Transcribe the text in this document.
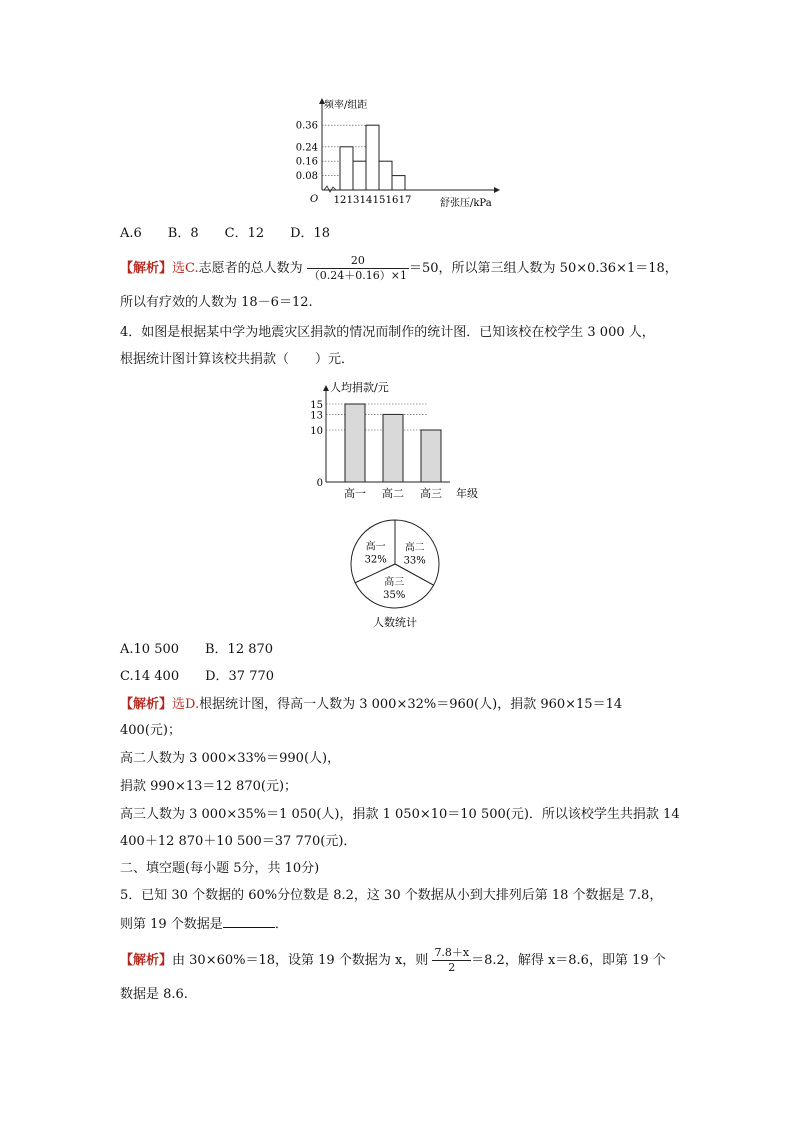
频率/组距
舒张压/kPa
O
0.36
0.24
0.16
0.08
12 13 14 15 16 17
A.6　　B．8　　C．12　　D．18
【解析】选C.志愿者的总人数为 $\frac{20}{(0.24+0.16)\times 1} =50$，所以第三组人数为 50×0.36×1＝18，
所以有疗效的人数为 18－6＝12.
4．如图是根据某中学为地震灾区捐款的情况而制作的统计图．已知该校在校学生 3 000 人，
根据统计图计算该校共捐款（　　）元．
人均捐款/元
15
13
10
0
高一 高二 高三 年级
高二
33%
高三
35%
高一
32%
人数统计
A.10 500　　B．12 870
C.14 400　　D．37 770
【解析】选D.根据统计图，得高一人数为 3 000×32%＝960(人)，捐款 960×15＝14
400(元)；
高二人数为 3 000×33%＝990(人)，
捐款 990×13＝12 870(元)；
高三人数为 3 000×35%＝1 050(人)，捐款 1 050×10＝10 500(元)．所以该校学生共捐款 14
400＋12 870＋10 500＝37 770(元)．
二、填空题(每小题 5分，共 10分)
5．已知 30 个数据的 60%分位数是 8.2，这 30 个数据从小到大排列后第 18 个数据是 7.8，
则第 19 个数据是	．
【解析】由 30×60%＝18，设第 19 个数据为 x，则 $\frac{7.8+x}{2} =8.2$，解得 x＝8.6，即第 19 个
数据是 8.6.
